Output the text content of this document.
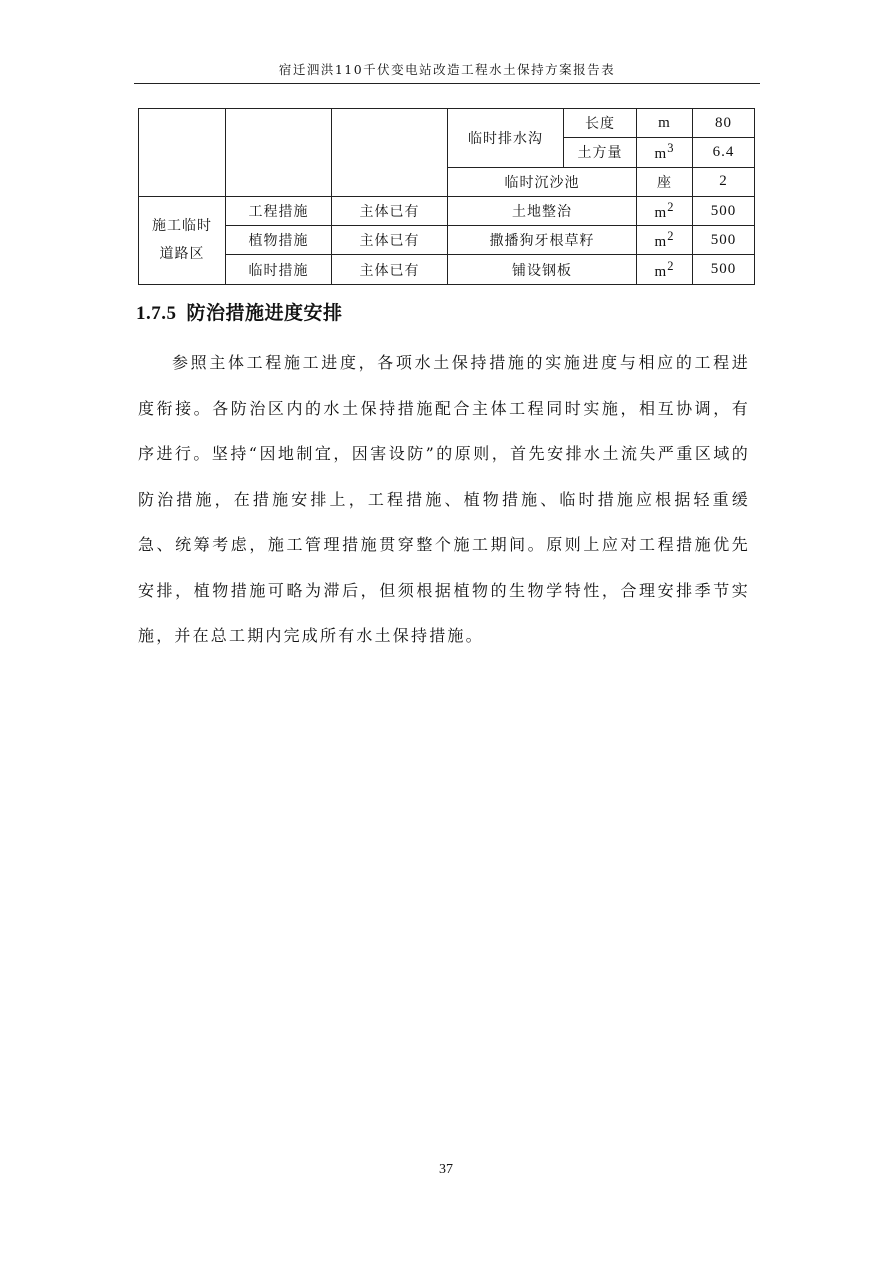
宿迁泗洪110千伏变电站改造工程水土保持方案报告表
			临时排水沟	长度	m	80
				土方量	$m^3$	6.4
			临时沉沙池		座	2
施工临时
道路区	工程措施	主体已有	土地整治		$m^2$	500
	植物措施	主体已有	撒播狗牙根草籽		$m^2$	500
	临时措施	主体已有	铺设钢板		$m^2$	500
1.7.5 防治措施进度安排

参照主体工程施工进度，各项水土保持措施的实施进度与相应的工程进度衔接。各防治区内的水土保持措施配合主体工程同时实施，相互协调，有序进行。坚持“因地制宜，因害设防”的原则，首先安排水土流失严重区域的防治措施，在措施安排上，工程措施、植物措施、临时措施应根据轻重缓急、统筹考虑，施工管理措施贯穿整个施工期间。原则上应对工程措施优先安排，植物措施可略为滞后，但须根据植物的生物学特性，合理安排季节实施，并在总工期内完成所有水土保持措施。

37
